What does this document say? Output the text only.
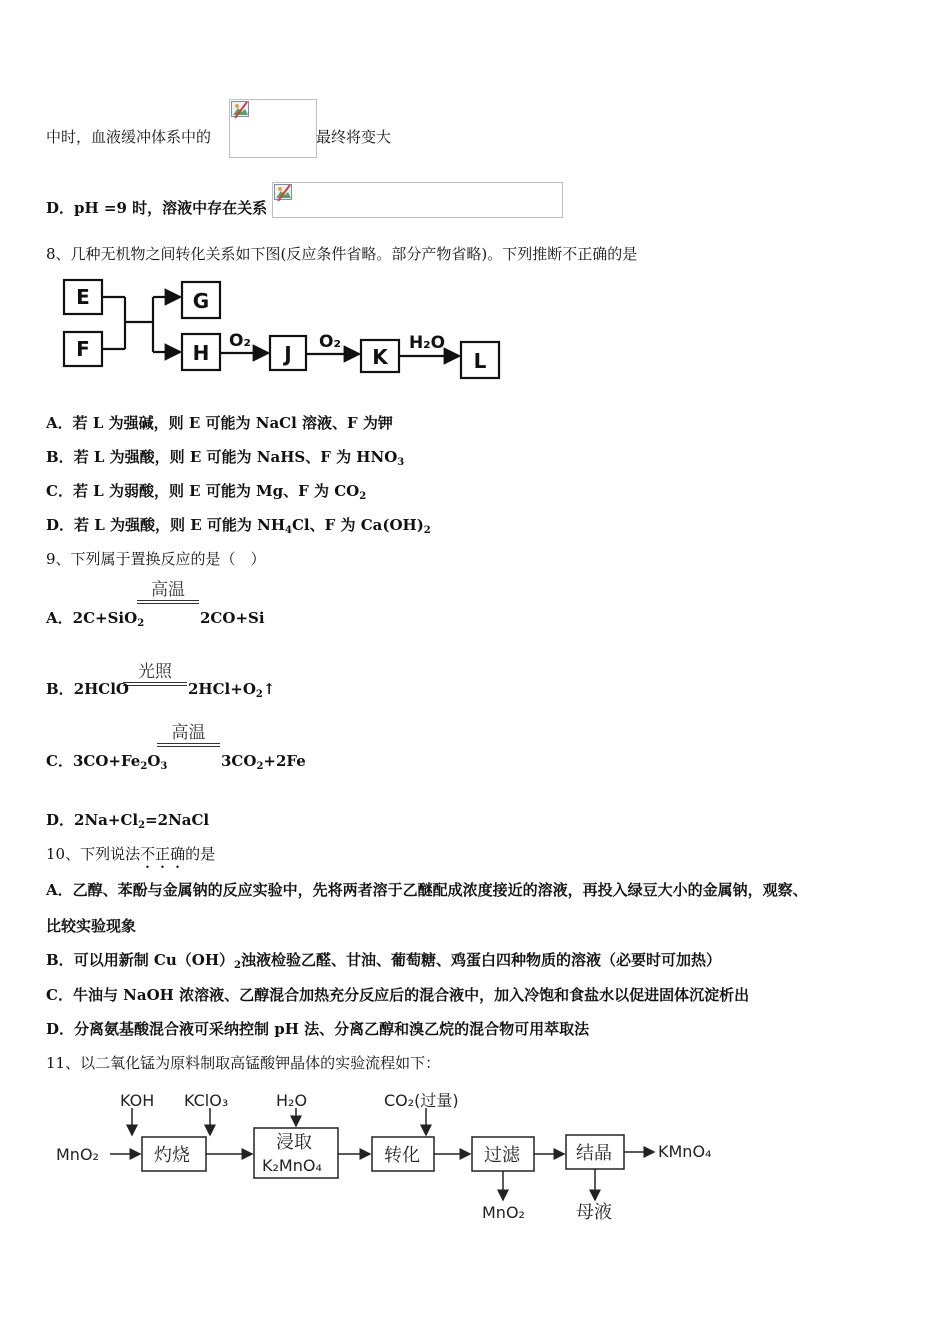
中时，血液缓冲体系中的	最终将变大
D．pH =9 时，溶液中存在关系
8、几种无机物之间转化关系如下图(反应条件省略。部分产物省略)。下列推断不正确的是
E
F
G
H	J	K	L
O₂	O₂	H₂O
A．若 L 为强碱，则 E 可能为 NaCl 溶液、F 为钾
B．若 L 为强酸，则 E 可能为 NaHS、F 为 $HNO_3$
C．若 L 为弱酸，则 E 可能为 Mg、F 为 $CO_2$
D．若 L 为强酸，则 E 可能为 $NH_4Cl$、F 为 $Ca(OH)_2$
9、下列属于置换反应的是（　）
高温
A．2C+SiO$_2$	2CO+Si
光照
B．2HClO	$2HCl+O_2↑$
高温
C．$3CO+Fe_2O_3$	$3CO_2+2Fe$
D．$2Na+Cl_2=2NaCl$
10、下列说法不正确的是
A．乙醇、苯酚与金属钠的反应实验中，先将两者溶于乙醚配成浓度接近的溶液，再投入绿豆大小的金属钠，观察、
比较实验现象
B．可以用新制 $Cu(OH)_2$浊液检验乙醛、甘油、葡萄糖、鸡蛋白四种物质的溶液（必要时可加热）
C．牛油与 NaOH 浓溶液、乙醇混合加热充分反应后的混合液中，加入冷饱和食盐水以促进固体沉淀析出
D．分离氨基酸混合液可采纳控制 pH 法、分离乙醇和溴乙烷的混合物可用萃取法
11、以二氧化锰为原料制取高锰酸钾晶体的实验流程如下：
MnO₂
KOH KClO₃	H₂O	CO₂(过量)
灼烧
浸取
K₂MnO₄	转化	过滤	结晶	KMnO₄
MnO₂	母液
